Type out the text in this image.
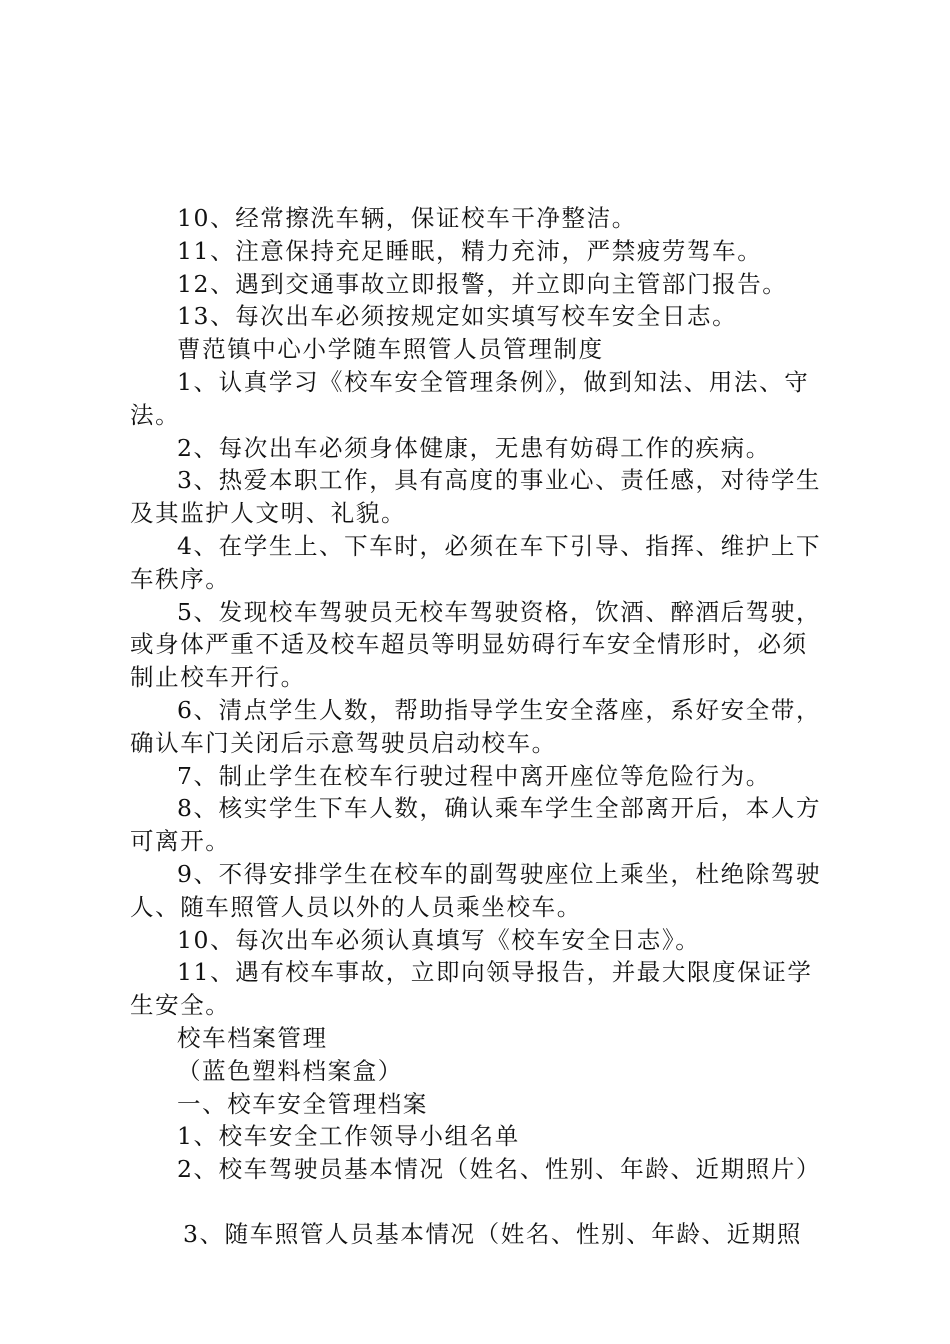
10、经常擦洗车辆，保证校车干净整洁。
11、注意保持充足睡眠，精力充沛，严禁疲劳驾车。
12、遇到交通事故立即报警，并立即向主管部门报告。
13、每次出车必须按规定如实填写校车安全日志。
曹范镇中心小学随车照管人员管理制度
1、认真学习《校车安全管理条例》，做到知法、用法、守
法。
2、每次出车必须身体健康，无患有妨碍工作的疾病。
3、热爱本职工作，具有高度的事业心、责任感，对待学生
及其监护人文明、礼貌。
4、在学生上、下车时，必须在车下引导、指挥、维护上下
车秩序。
5、发现校车驾驶员无校车驾驶资格，饮酒、醉酒后驾驶，
或身体严重不适及校车超员等明显妨碍行车安全情形时，必须
制止校车开行。
6、清点学生人数，帮助指导学生安全落座，系好安全带，
确认车门关闭后示意驾驶员启动校车。
7、制止学生在校车行驶过程中离开座位等危险行为。
8、核实学生下车人数，确认乘车学生全部离开后，本人方
可离开。
9、不得安排学生在校车的副驾驶座位上乘坐，杜绝除驾驶
人、随车照管人员以外的人员乘坐校车。
10、每次出车必须认真填写《校车安全日志》。
11、遇有校车事故，立即向领导报告，并最大限度保证学
生安全。
校车档案管理
（蓝色塑料档案盒）
一、校车安全管理档案
1、校车安全工作领导小组名单
2、校车驾驶员基本情况（姓名、性别、年龄、近期照片）
3、随车照管人员基本情况（姓名、性别、年龄、近期照
